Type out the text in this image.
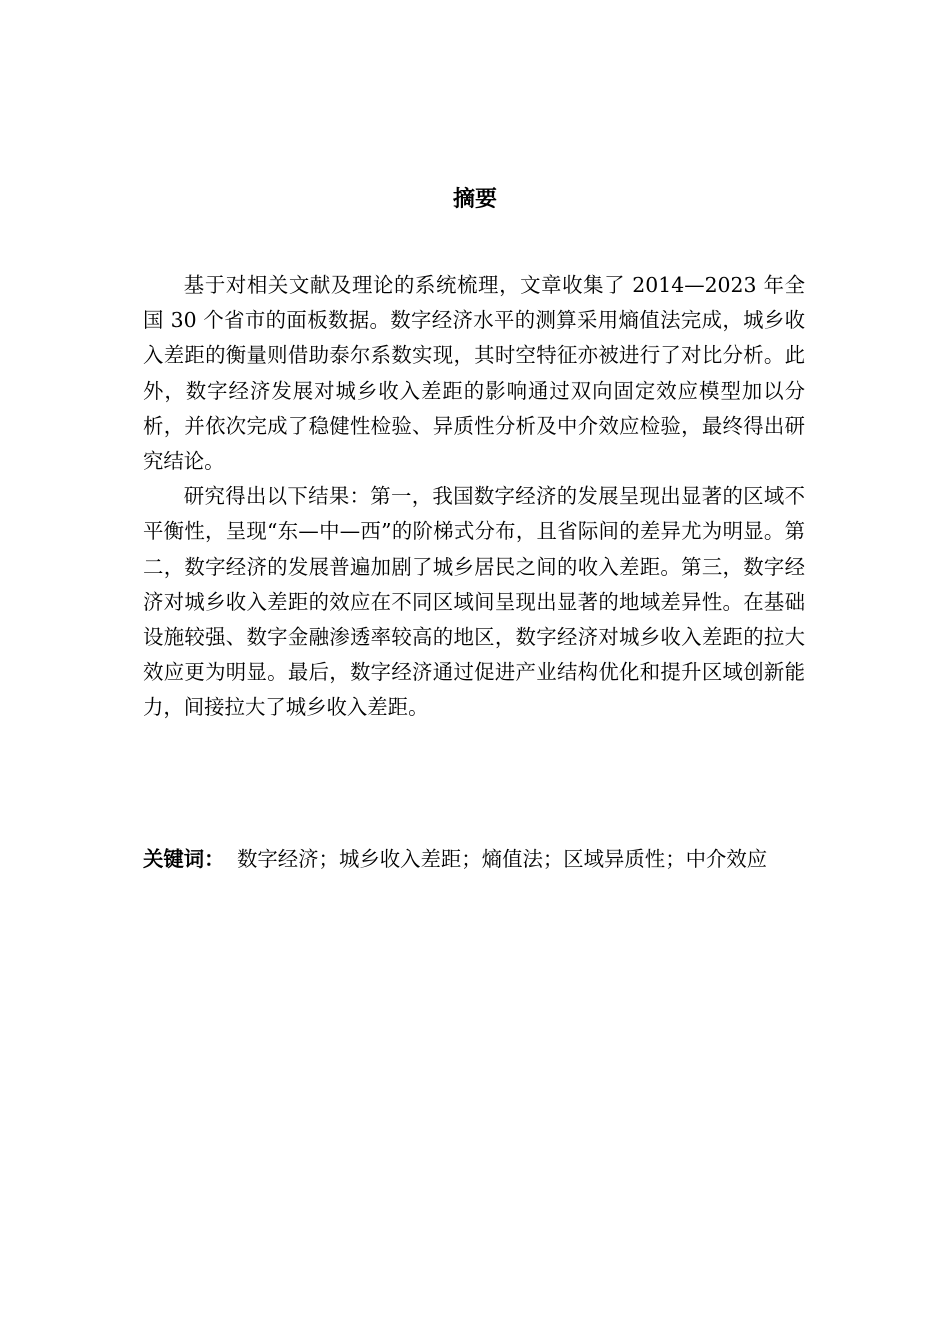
摘要

基于对相关文献及理论的系统梳理，文章收集了 2014—2023 年全国 30 个省市的面板数据。数字经济水平的测算采用熵值法完成，城乡收入差距的衡量则借助泰尔系数实现，其时空特征亦被进行了对比分析。此外，数字经济发展对城乡收入差距的影响通过双向固定效应模型加以分析，并依次完成了稳健性检验、异质性分析及中介效应检验，最终得出研究结论。

研究得出以下结果：第一，我国数字经济的发展呈现出显著的区域不平衡性，呈现“东—中—西”的阶梯式分布，且省际间的差异尤为明显。第二，数字经济的发展普遍加剧了城乡居民之间的收入差距。第三，数字经济对城乡收入差距的效应在不同区域间呈现出显著的地域差异性。在基础设施较强、数字金融渗透率较高的地区，数字经济对城乡收入差距的拉大效应更为明显。最后，数字经济通过促进产业结构优化和提升区域创新能力，间接拉大了城乡收入差距。

关键词： 数字经济；城乡收入差距；熵值法；区域异质性；中介效应
